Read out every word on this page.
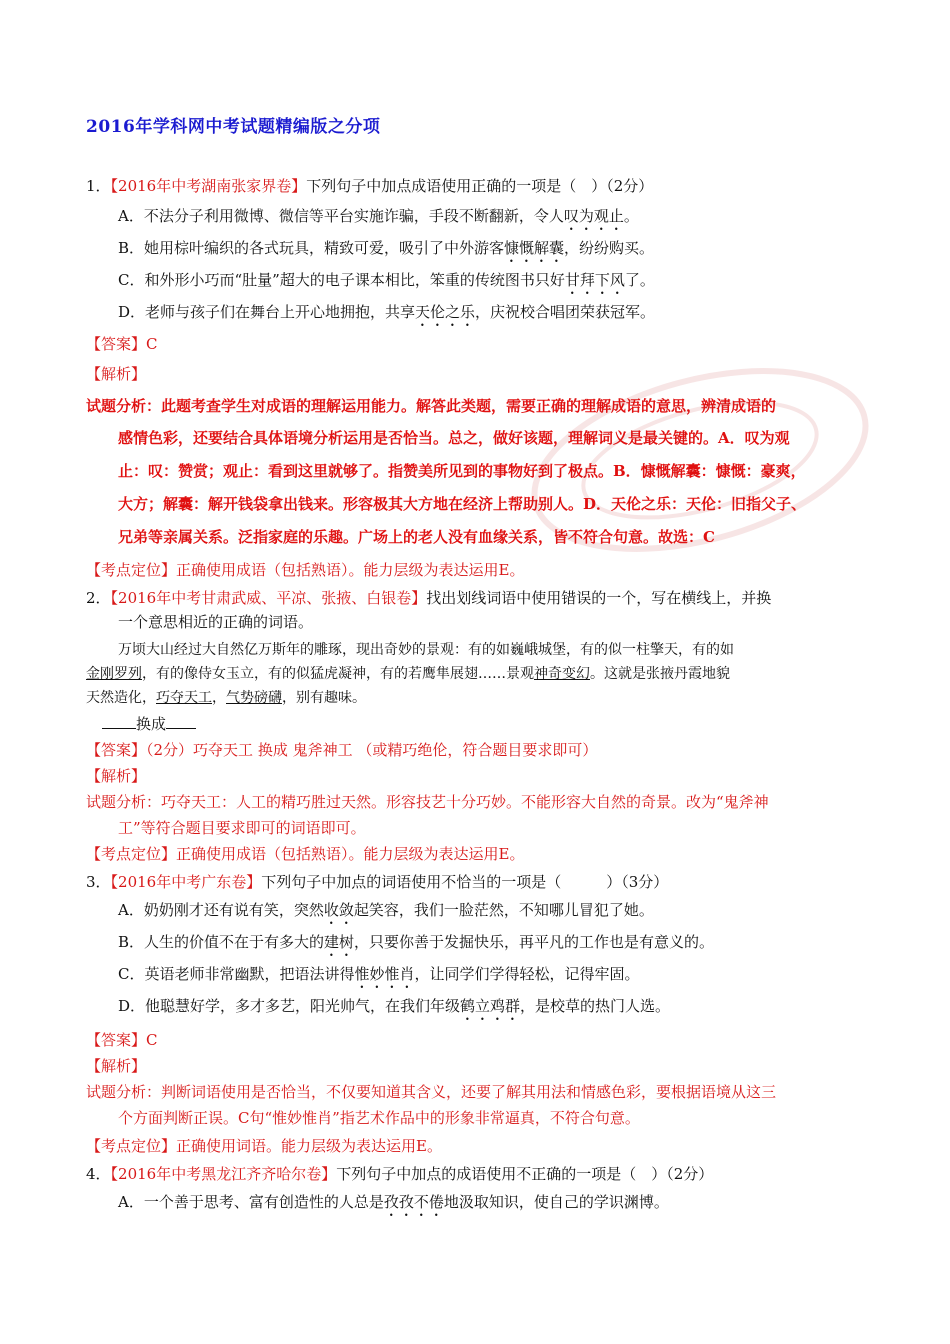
2016年学科网中考试题精编版之分项
1．【2016年中考湖南张家界卷】下列句子中加点成语使用正确的一项是（　）（2分）
A．不法分子利用微博、微信等平台实施诈骗，手段不断翻新，令人叹为观止。
B．她用棕叶编织的各式玩具，精致可爱，吸引了中外游客慷慨解囊，纷纷购买。
C．和外形小巧而“肚量”超大的电子课本相比，笨重的传统图书只好甘拜下风了。
D．老师与孩子们在舞台上开心地拥抱，共享天伦之乐，庆祝校合唱团荣获冠军。
【答案】C
【解析】
试题分析：此题考查学生对成语的理解运用能力。解答此类题，需要正确的理解成语的意思，辨清成语的
感情色彩，还要结合具体语境分析运用是否恰当。总之，做好该题，理解词义是最关键的。A．叹为观
止：叹：赞赏；观止：看到这里就够了。指赞美所见到的事物好到了极点。B．慷慨解囊：慷慨：豪爽，
大方；解囊：解开钱袋拿出钱来。形容极其大方地在经济上帮助别人。D．天伦之乐：天伦：旧指父子、
兄弟等亲属关系。泛指家庭的乐趣。广场上的老人没有血缘关系，皆不符合句意。故选：C
【考点定位】正确使用成语（包括熟语）。能力层级为表达运用E。
2．【2016年中考甘肃武威、平凉、张掖、白银卷】找出划线词语中使用错误的一个，写在横线上，并换
一个意思相近的正确的词语。
万顷大山经过大自然亿万斯年的雕琢，现出奇妙的景观：有的如巍峨城堡，有的似一柱擎天，有的如
金刚罗列，有的像侍女玉立，有的似猛虎凝神，有的若鹰隼展翅……景观神奇变幻。这就是张掖丹霞地貌
天然造化，巧夺天工，气势磅礴，别有趣味。
换成
【答案】（2分）巧夺天工 换成 鬼斧神工 （或精巧绝伦，符合题目要求即可）
【解析】
试题分析：巧夺天工：人工的精巧胜过天然。形容技艺十分巧妙。不能形容大自然的奇景。改为“鬼斧神
工”等符合题目要求即可的词语即可。
【考点定位】正确使用成语（包括熟语）。能力层级为表达运用E。
3．【2016年中考广东卷】下列句子中加点的词语使用不恰当的一项是（　　　）（3分）
A．奶奶刚才还有说有笑，突然收敛起笑容，我们一脸茫然，不知哪儿冒犯了她。
B．人生的价值不在于有多大的建树，只要你善于发掘快乐，再平凡的工作也是有意义的。
C．英语老师非常幽默，把语法讲得惟妙惟肖，让同学们学得轻松，记得牢固。
D．他聪慧好学，多才多艺，阳光帅气，在我们年级鹤立鸡群，是校草的热门人选。
【答案】C
【解析】
试题分析：判断词语使用是否恰当，不仅要知道其含义，还要了解其用法和情感色彩，要根据语境从这三
个方面判断正误。C句“惟妙惟肖”指艺术作品中的形象非常逼真，不符合句意。
【考点定位】正确使用词语。能力层级为表达运用E。
4．【2016年中考黑龙江齐齐哈尔卷】下列句子中加点的成语使用不正确的一项是（　）（2分）
A．一个善于思考、富有创造性的人总是孜孜不倦地汲取知识，使自己的学识渊博。
